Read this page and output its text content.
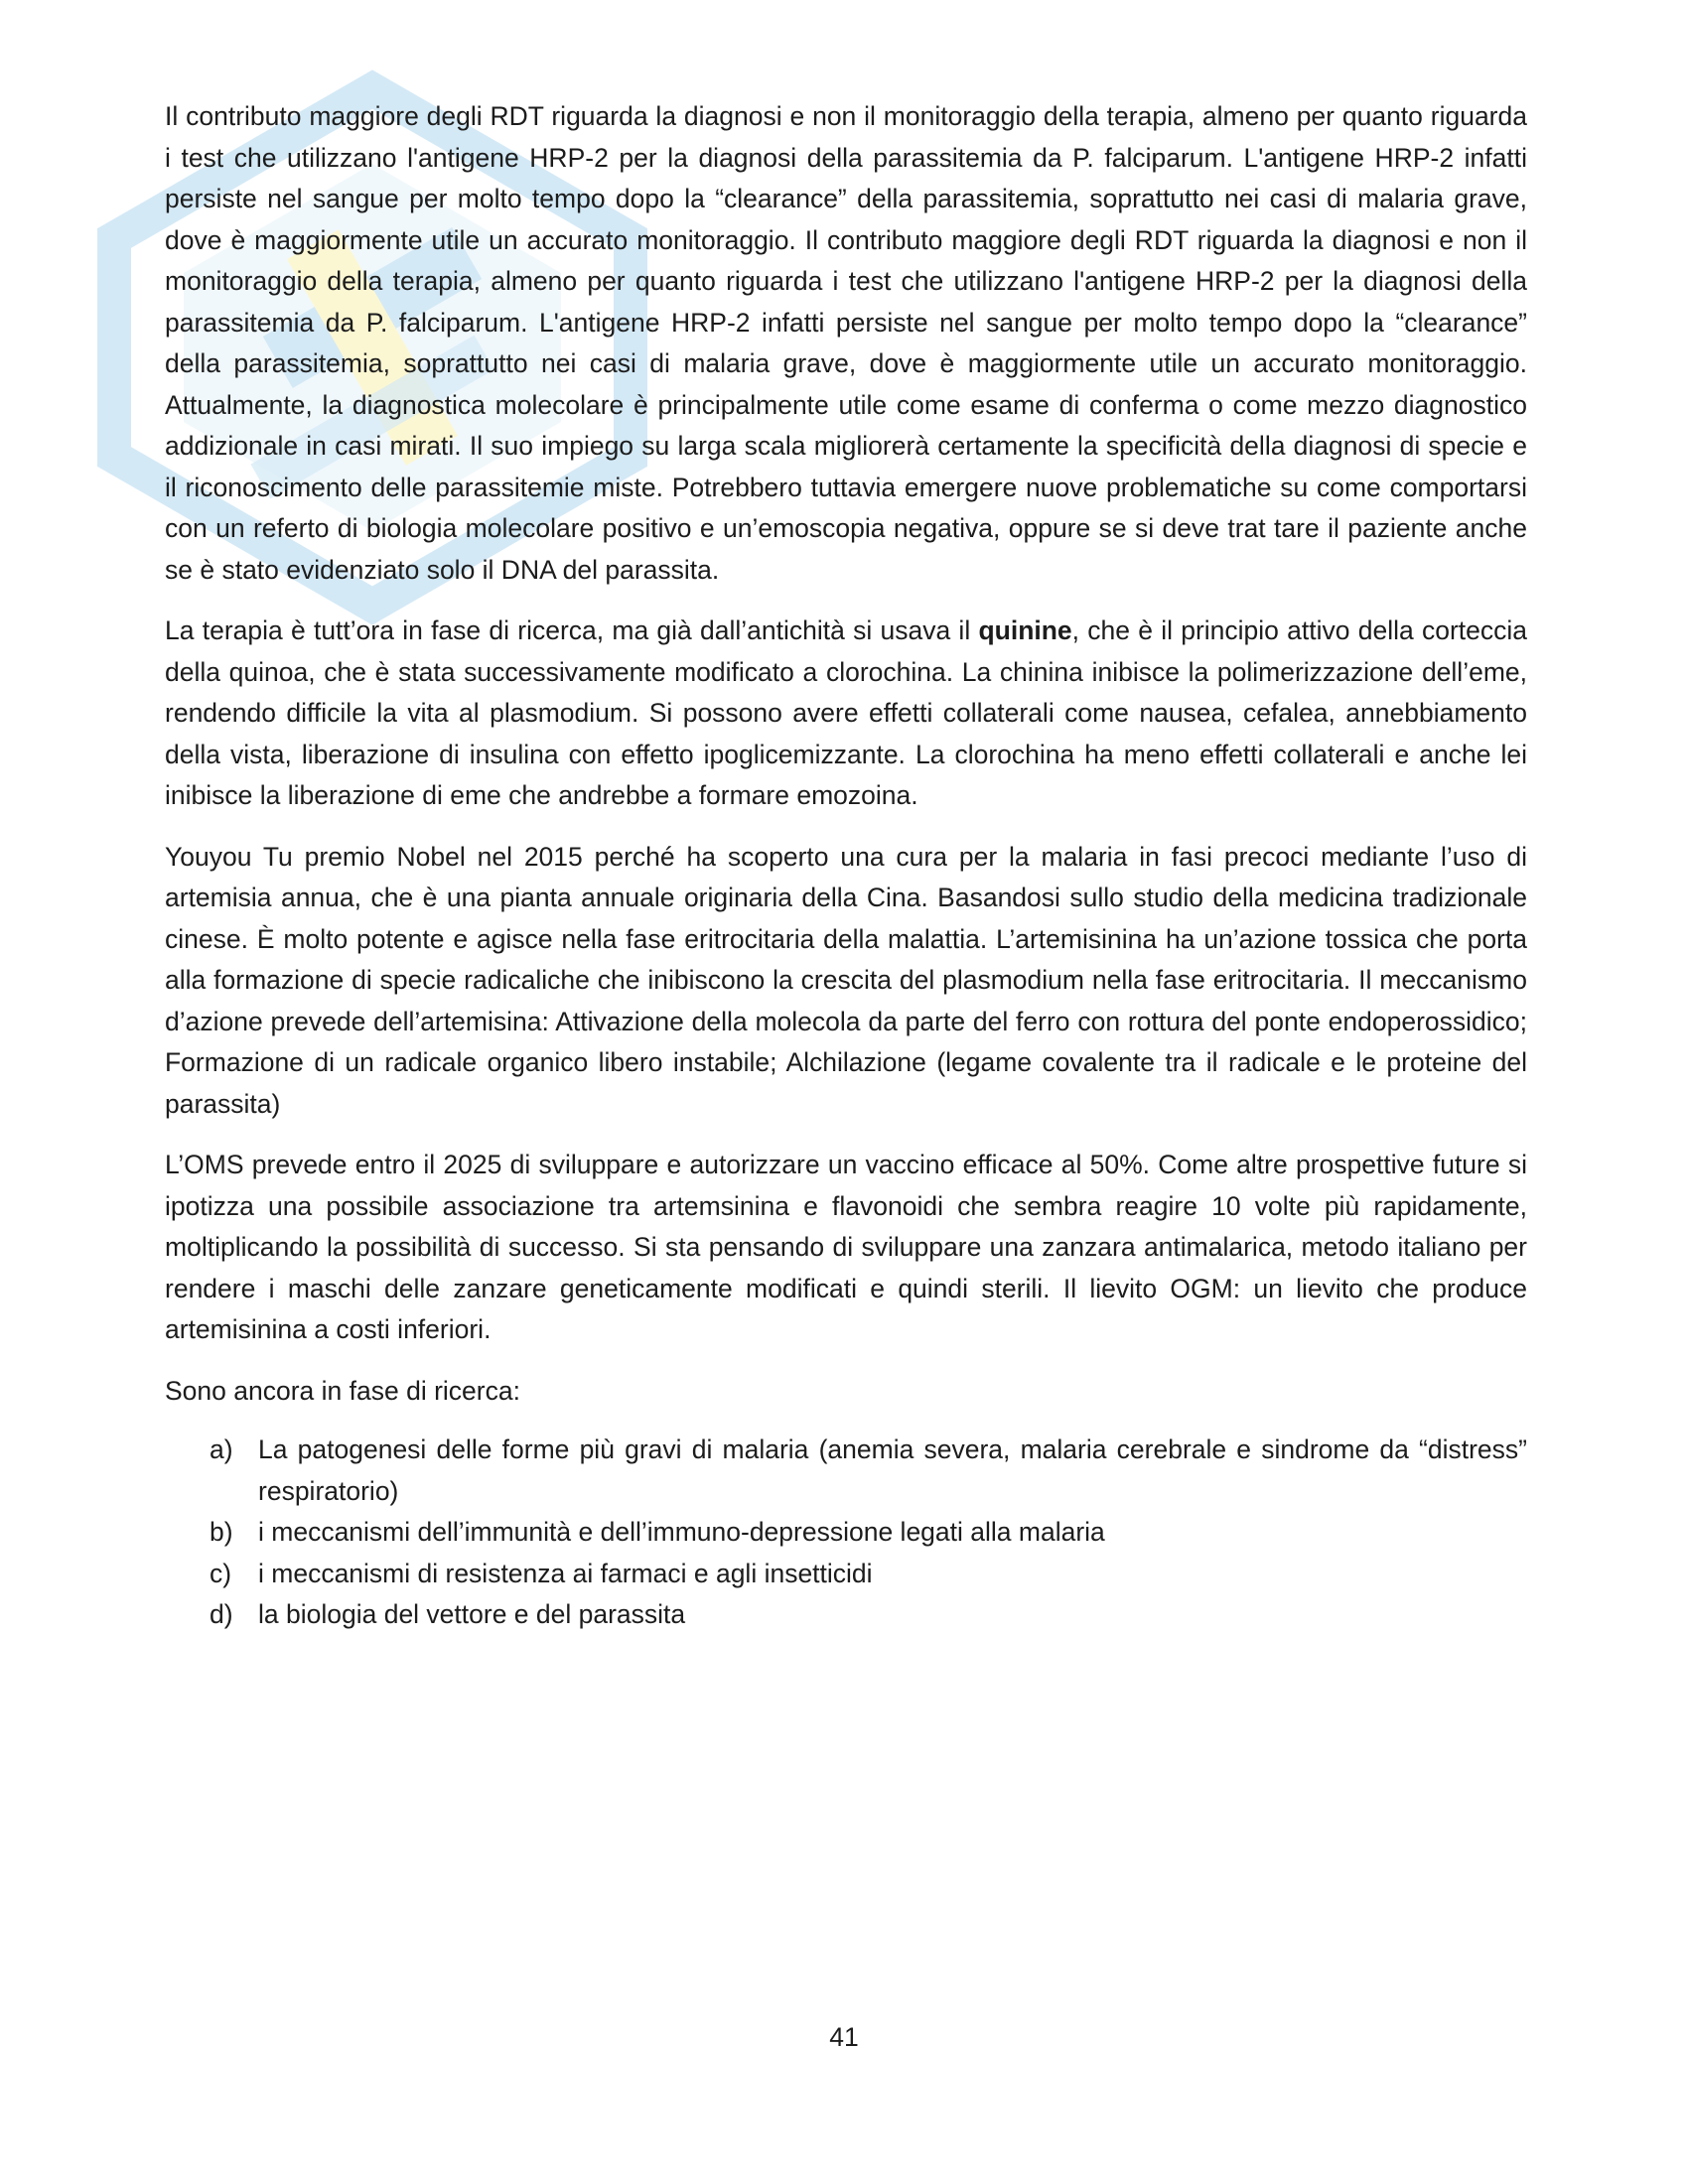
Il contributo maggiore degli RDT riguarda la diagnosi e non il monitoraggio della terapia, almeno per quanto riguarda i test che utilizzano l'antigene HRP-2 per la diagnosi della parassitemia da P. falciparum. L'antigene HRP-2 infatti persiste nel sangue per molto tempo dopo la “clearance” della parassitemia, soprattutto nei casi di malaria grave, dove è maggiormente utile un accurato monitoraggio. Il contributo maggiore degli RDT riguarda la diagnosi e non il monitoraggio della terapia, almeno per quanto riguarda i test che utilizzano l'antigene HRP-2 per la diagnosi della parassitemia da P. falciparum. L'antigene HRP-2 infatti persiste nel sangue per molto tempo dopo la “clearance” della parassitemia, soprattutto nei casi di malaria grave, dove è maggiormente utile un accurato monitoraggio. Attualmente, la diagnostica molecolare è principalmente utile come esame di conferma o come mezzo diagnostico addizionale in casi mirati. Il suo impiego su larga scala migliorerà certamente la specificità della diagnosi di specie e il riconoscimento delle parassitemie miste. Potrebbero tuttavia emergere nuove problematiche su come comportarsi con un referto di biologia molecolare positivo e un’emoscopia negativa, oppure se si deve trat tare il paziente anche se è stato evidenziato solo il DNA del parassita.

La terapia è tutt’ora in fase di ricerca, ma già dall’antichità si usava il quinine, che è il principio attivo della corteccia della quinoa, che è stata successivamente modificato a clorochina. La chinina inibisce la polimerizzazione dell’eme, rendendo difficile la vita al plasmodium. Si possono avere effetti collaterali come nausea, cefalea, annebbiamento della vista, liberazione di insulina con effetto ipoglicemizzante. La clorochina ha meno effetti collaterali e anche lei inibisce la liberazione di eme che andrebbe a formare emozoina.

Youyou Tu premio Nobel nel 2015 perché ha scoperto una cura per la malaria in fasi precoci mediante l’uso di artemisia annua, che è una pianta annuale originaria della Cina. Basandosi sullo studio della medicina tradizionale cinese. È molto potente e agisce nella fase eritrocitaria della malattia. L’artemisinina ha un’azione tossica che porta alla formazione di specie radicaliche che inibiscono la crescita del plasmodium nella fase eritrocitaria. Il meccanismo d’azione prevede dell’artemisina: Attivazione della molecola da parte del ferro con rottura del ponte endoperossidico; Formazione di un radicale organico libero instabile; Alchilazione (legame covalente tra il radicale e le proteine del parassita)

L’OMS prevede entro il 2025 di sviluppare e autorizzare un vaccino efficace al 50%. Come altre prospettive future si ipotizza una possibile associazione tra artemsinina e flavonoidi che sembra reagire 10 volte più rapidamente, moltiplicando la possibilità di successo. Si sta pensando di sviluppare una zanzara antimalarica, metodo italiano per rendere i maschi delle zanzare geneticamente modificati e quindi sterili. Il lievito OGM: un lievito che produce artemisinina a costi inferiori.

Sono ancora in fase di ricerca:

a) La patogenesi delle forme più gravi di malaria (anemia severa, malaria cerebrale e sindrome da “distress” respiratorio)
b) i meccanismi dell’immunità e dell’immuno-depressione legati alla malaria
c) i meccanismi di resistenza ai farmaci e agli insetticidi
d) la biologia del vettore e del parassita
41
